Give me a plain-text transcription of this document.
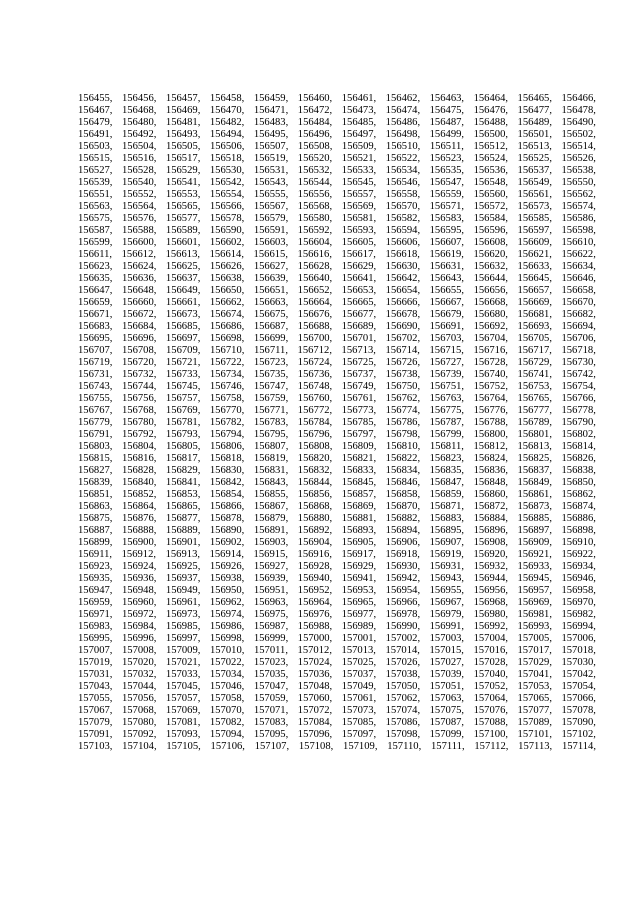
156455, 156456, 156457, 156458, 156459, 156460, 156461, 156462, 156463, 156464, 156465, 156466,
156467, 156468, 156469, 156470, 156471, 156472, 156473, 156474, 156475, 156476, 156477, 156478,
156479, 156480, 156481, 156482, 156483, 156484, 156485, 156486, 156487, 156488, 156489, 156490,
156491, 156492, 156493, 156494, 156495, 156496, 156497, 156498, 156499, 156500, 156501, 156502,
156503, 156504, 156505, 156506, 156507, 156508, 156509, 156510, 156511, 156512, 156513, 156514,
156515, 156516, 156517, 156518, 156519, 156520, 156521, 156522, 156523, 156524, 156525, 156526,
156527, 156528, 156529, 156530, 156531, 156532, 156533, 156534, 156535, 156536, 156537, 156538,
156539, 156540, 156541, 156542, 156543, 156544, 156545, 156546, 156547, 156548, 156549, 156550,
156551, 156552, 156553, 156554, 156555, 156556, 156557, 156558, 156559, 156560, 156561, 156562,
156563, 156564, 156565, 156566, 156567, 156568, 156569, 156570, 156571, 156572, 156573, 156574,
156575, 156576, 156577, 156578, 156579, 156580, 156581, 156582, 156583, 156584, 156585, 156586,
156587, 156588, 156589, 156590, 156591, 156592, 156593, 156594, 156595, 156596, 156597, 156598,
156599, 156600, 156601, 156602, 156603, 156604, 156605, 156606, 156607, 156608, 156609, 156610,
156611, 156612, 156613, 156614, 156615, 156616, 156617, 156618, 156619, 156620, 156621, 156622,
156623, 156624, 156625, 156626, 156627, 156628, 156629, 156630, 156631, 156632, 156633, 156634,
156635, 156636, 156637, 156638, 156639, 156640, 156641, 156642, 156643, 156644, 156645, 156646,
156647, 156648, 156649, 156650, 156651, 156652, 156653, 156654, 156655, 156656, 156657, 156658,
156659, 156660, 156661, 156662, 156663, 156664, 156665, 156666, 156667, 156668, 156669, 156670,
156671, 156672, 156673, 156674, 156675, 156676, 156677, 156678, 156679, 156680, 156681, 156682,
156683, 156684, 156685, 156686, 156687, 156688, 156689, 156690, 156691, 156692, 156693, 156694,
156695, 156696, 156697, 156698, 156699, 156700, 156701, 156702, 156703, 156704, 156705, 156706,
156707, 156708, 156709, 156710, 156711, 156712, 156713, 156714, 156715, 156716, 156717, 156718,
156719, 156720, 156721, 156722, 156723, 156724, 156725, 156726, 156727, 156728, 156729, 156730,
156731, 156732, 156733, 156734, 156735, 156736, 156737, 156738, 156739, 156740, 156741, 156742,
156743, 156744, 156745, 156746, 156747, 156748, 156749, 156750, 156751, 156752, 156753, 156754,
156755, 156756, 156757, 156758, 156759, 156760, 156761, 156762, 156763, 156764, 156765, 156766,
156767, 156768, 156769, 156770, 156771, 156772, 156773, 156774, 156775, 156776, 156777, 156778,
156779, 156780, 156781, 156782, 156783, 156784, 156785, 156786, 156787, 156788, 156789, 156790,
156791, 156792, 156793, 156794, 156795, 156796, 156797, 156798, 156799, 156800, 156801, 156802,
156803, 156804, 156805, 156806, 156807, 156808, 156809, 156810, 156811, 156812, 156813, 156814,
156815, 156816, 156817, 156818, 156819, 156820, 156821, 156822, 156823, 156824, 156825, 156826,
156827, 156828, 156829, 156830, 156831, 156832, 156833, 156834, 156835, 156836, 156837, 156838,
156839, 156840, 156841, 156842, 156843, 156844, 156845, 156846, 156847, 156848, 156849, 156850,
156851, 156852, 156853, 156854, 156855, 156856, 156857, 156858, 156859, 156860, 156861, 156862,
156863, 156864, 156865, 156866, 156867, 156868, 156869, 156870, 156871, 156872, 156873, 156874,
156875, 156876, 156877, 156878, 156879, 156880, 156881, 156882, 156883, 156884, 156885, 156886,
156887, 156888, 156889, 156890, 156891, 156892, 156893, 156894, 156895, 156896, 156897, 156898,
156899, 156900, 156901, 156902, 156903, 156904, 156905, 156906, 156907, 156908, 156909, 156910,
156911, 156912, 156913, 156914, 156915, 156916, 156917, 156918, 156919, 156920, 156921, 156922,
156923, 156924, 156925, 156926, 156927, 156928, 156929, 156930, 156931, 156932, 156933, 156934,
156935, 156936, 156937, 156938, 156939, 156940, 156941, 156942, 156943, 156944, 156945, 156946,
156947, 156948, 156949, 156950, 156951, 156952, 156953, 156954, 156955, 156956, 156957, 156958,
156959, 156960, 156961, 156962, 156963, 156964, 156965, 156966, 156967, 156968, 156969, 156970,
156971, 156972, 156973, 156974, 156975, 156976, 156977, 156978, 156979, 156980, 156981, 156982,
156983, 156984, 156985, 156986, 156987, 156988, 156989, 156990, 156991, 156992, 156993, 156994,
156995, 156996, 156997, 156998, 156999, 157000, 157001, 157002, 157003, 157004, 157005, 157006,
157007, 157008, 157009, 157010, 157011, 157012, 157013, 157014, 157015, 157016, 157017, 157018,
157019, 157020, 157021, 157022, 157023, 157024, 157025, 157026, 157027, 157028, 157029, 157030,
157031, 157032, 157033, 157034, 157035, 157036, 157037, 157038, 157039, 157040, 157041, 157042,
157043, 157044, 157045, 157046, 157047, 157048, 157049, 157050, 157051, 157052, 157053, 157054,
157055, 157056, 157057, 157058, 157059, 157060, 157061, 157062, 157063, 157064, 157065, 157066,
157067, 157068, 157069, 157070, 157071, 157072, 157073, 157074, 157075, 157076, 157077, 157078,
157079, 157080, 157081, 157082, 157083, 157084, 157085, 157086, 157087, 157088, 157089, 157090,
157091, 157092, 157093, 157094, 157095, 157096, 157097, 157098, 157099, 157100, 157101, 157102,
157103, 157104, 157105, 157106, 157107, 157108, 157109, 157110, 157111, 157112, 157113, 157114,
